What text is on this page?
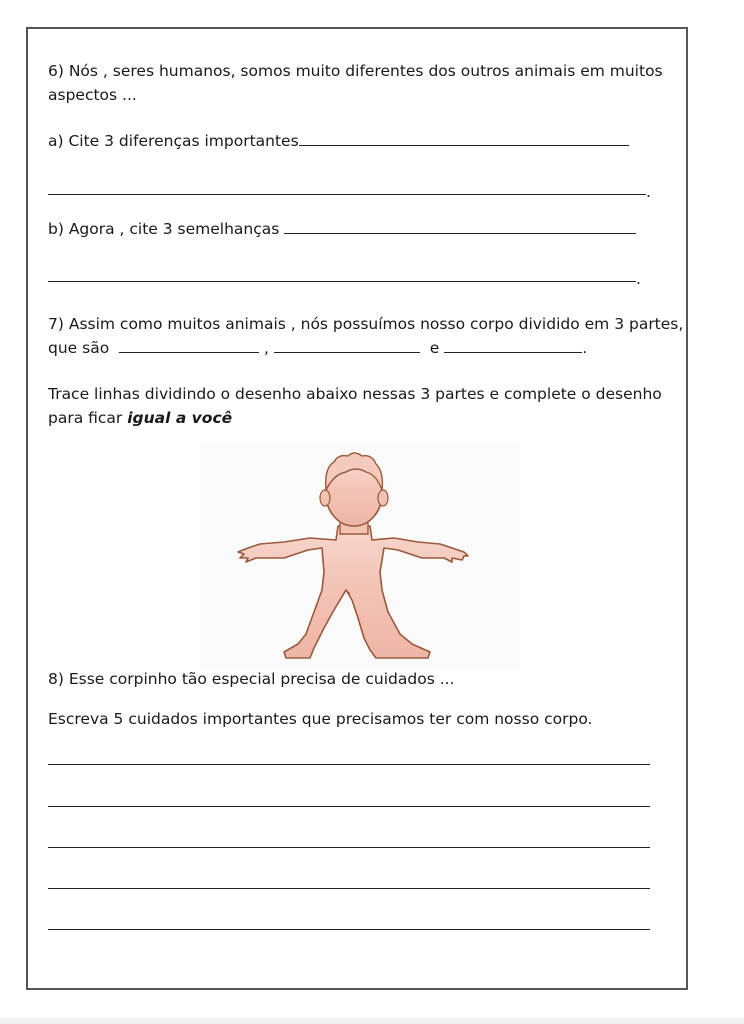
6) Nós , seres humanos, somos muito diferentes dos outros animais em muitos
aspectos ...
a) Cite 3 diferenças importantes
.
b) Agora , cite 3 semelhanças
.
7) Assim como muitos animais , nós possuímos nosso corpo dividido em 3 partes,
que são	,	e	.
Trace linhas dividindo o desenho abaixo nessas 3 partes e complete o desenho
para ficar igual a você
8) Esse corpinho tão especial precisa de cuidados ...
Escreva 5 cuidados importantes que precisamos ter com nosso corpo.
